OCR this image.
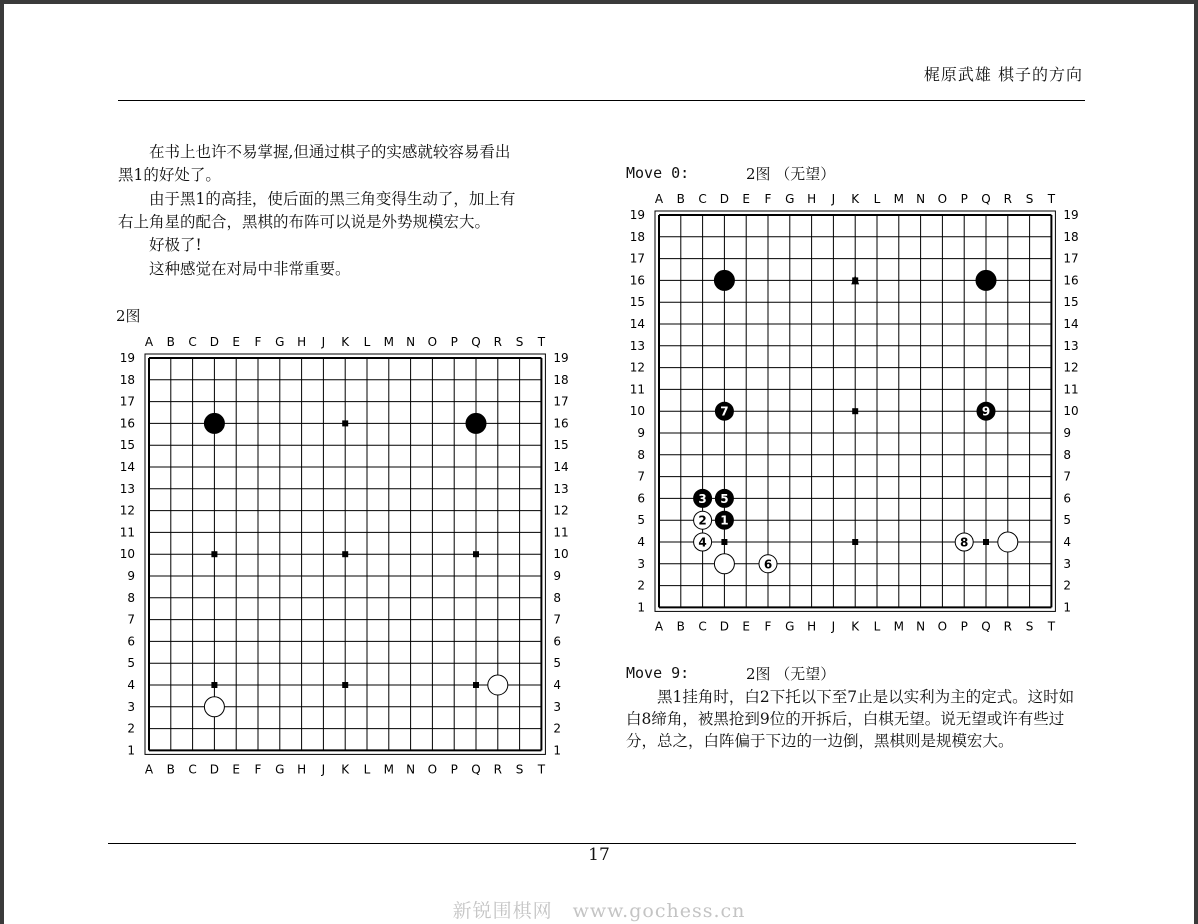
梶原武雄 棋子的方向
　　在书上也许不易掌握,但通过棋子的实感就较容易看出
黑1的好处了。
　　由于黑1的高挂，使后面的黑三角变得生动了，加上有
右上角星的配合，黑棋的布阵可以说是外势规模宏大。
　　好极了!
　　这种感觉在对局中非常重要。
2图
Move 0:	2图 （无望）
A
A
B
B
C
C
D
D
E
E
F
F
G
G
H
H
J
J
K
K
L
L
M
M
N
N
O
O
P
P
Q
Q
R
R
S
S
T
T
1	1
2	2
3	3
4	4
5	5
6	6
7	7
8	8
9	9
10	10
11	11
12	12
13	13
14	14
15	15
16	16
17	17
18	18
19	19
A
A
B
B
C
C
D
D
E
E
F
F
G
G
H
H
J
J
K
K
L
L
M
M
N
N
O
O
P
P
Q
Q
R
R
S
S
T
T
1	1
2	2
3	3
4	4
5	5
6	6
7	7
8	8
9	9
10	10
11	11
12	12
13	13
14	14
15	15
16	16
17	17
18	18
19	19
7	9
3 5
1
2
4
6
8
Move 9:	2图 （无望）
　　黑1挂角时，白2下托以下至7止是以实利为主的定式。这时如白8缔角，被黑抢到9位的开拆后，白棋无望。说无望或许有些过分，总之，白阵偏于下边的一边倒，黑棋则是规模宏大。
17
新锐围棋网　www.gochess.cn
